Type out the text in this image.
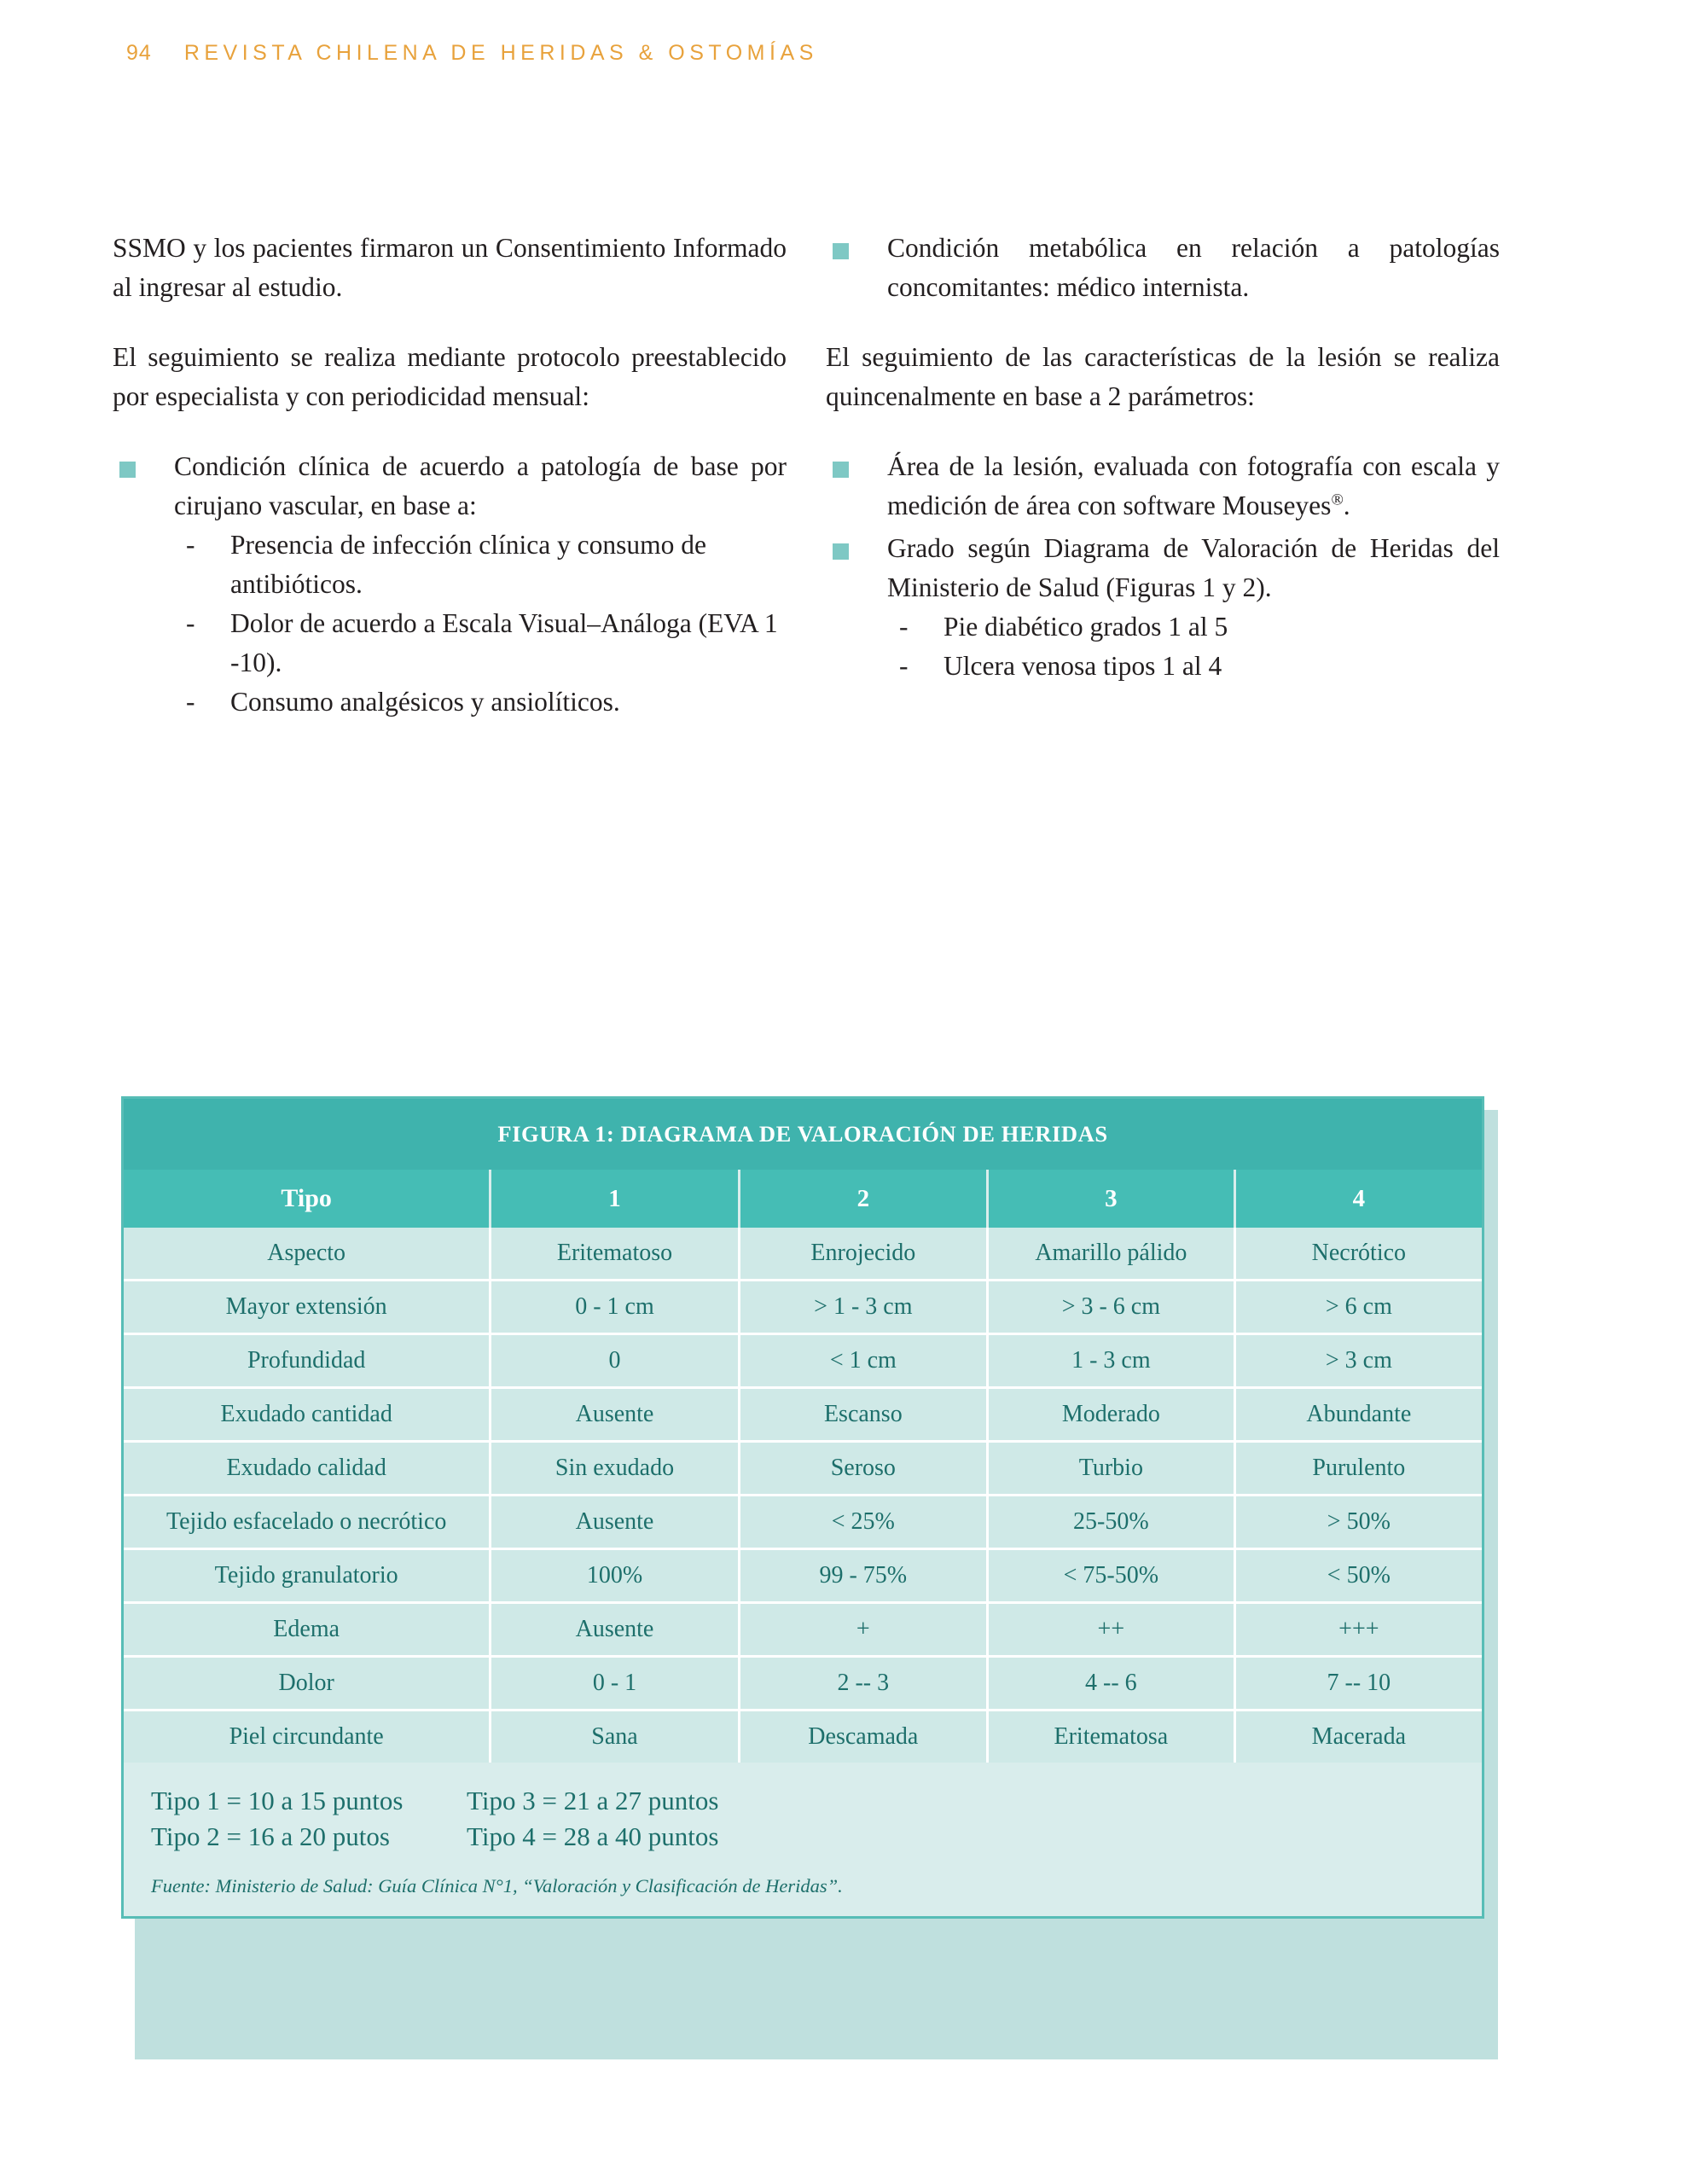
94 REVISTA CHILENA DE HERIDAS & OSTOMÍAS

SSMO y los pacientes firmaron un Consentimiento Informado al ingresar al estudio.

El seguimiento se realiza mediante protocolo preestablecido por especialista y con periodicidad mensual:

Condición clínica de acuerdo a patología de base por cirujano vascular, en base a:
- Presencia de infección clínica y consumo de antibióticos.
- Dolor de acuerdo a Escala Visual–Análoga (EVA 1 -10).
- Consumo analgésicos y ansiolíticos.
Condición metabólica en relación a patologías concomitantes: médico internista.

El seguimiento de las características de la lesión se realiza quincenalmente en base a 2 parámetros:

Área de la lesión, evaluada con fotografía con escala y medición de área con software Mouseyes®.
Grado según Diagrama de Valoración de Heridas del Ministerio de Salud (Figuras 1 y 2).
- Pie diabético grados 1 al 5
- Ulcera venosa tipos 1 al 4
FIGURA 1: DIAGRAMA DE VALORACIÓN DE HERIDAS
Tipo	1	2	3	4
Aspecto	Eritematoso	Enrojecido	Amarillo pálido	Necrótico
Mayor extensión	0 - 1 cm	> 1 - 3 cm	> 3 - 6 cm	> 6 cm
Profundidad	0	< 1 cm	1 - 3 cm	> 3 cm
Exudado cantidad	Ausente	Escanso	Moderado	Abundante
Exudado calidad	Sin exudado	Seroso	Turbio	Purulento
Tejido esfacelado o necrótico	Ausente	< 25%	25-50%	> 50%
Tejido granulatorio	100%	99 - 75%	< 75-50%	< 50%
Edema	Ausente	+	++	+++
Dolor	0 - 1	2 -- 3	4 -- 6	7 -- 10
Piel circundante	Sana	Descamada	Eritematosa	Macerada
Tipo 1 = 10 a 15 puntos	Tipo 3 = 21 a 27 puntos
Tipo 2 = 16 a 20 putos	Tipo 4 = 28 a 40 puntos
Fuente: Ministerio de Salud: Guía Clínica N°1, “Valoración y Clasificación de Heridas”.
